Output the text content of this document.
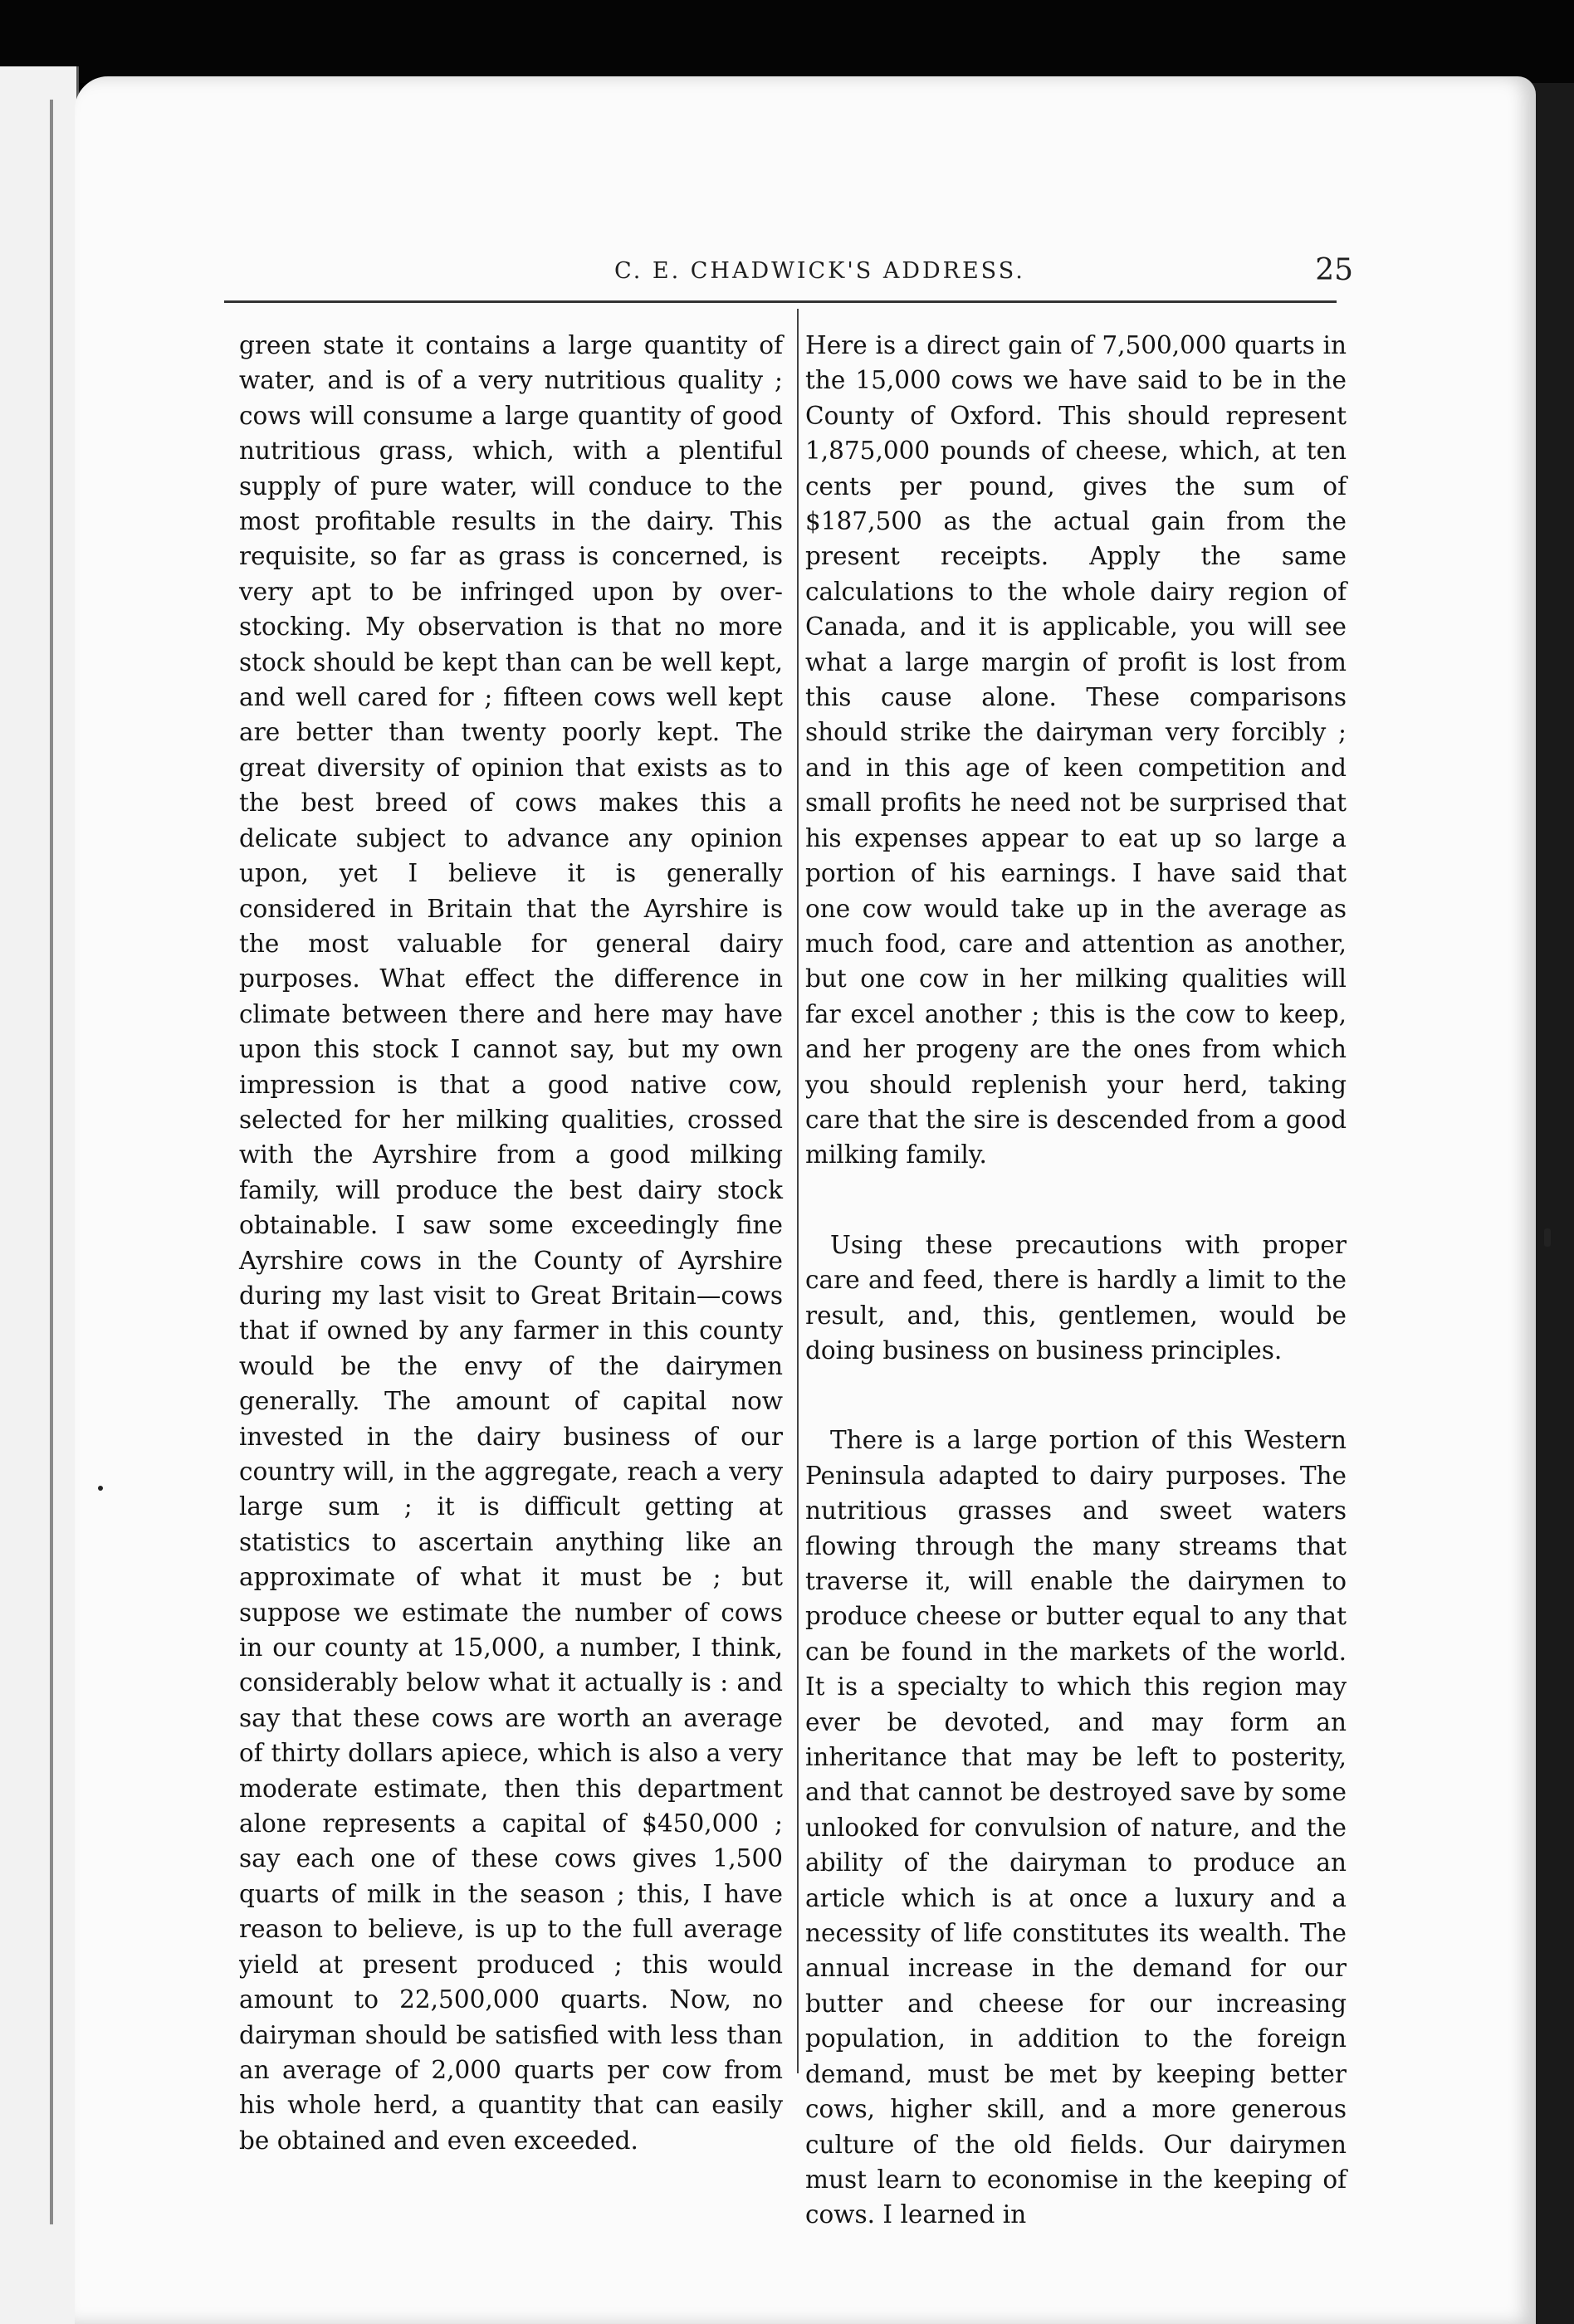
C. E. CHADWICK'S ADDRESS.	25

green state it contains a large quantity of water, and is of a very nutritious quality ; cows will consume a large quantity of good nutritious grass, which, with a plentiful supply of pure water, will conduce to the most profitable results in the dairy. This requisite, so far as grass is concerned, is very apt to be infringed upon by over-stocking. My observation is that no more stock should be kept than can be well kept, and well cared for ; fifteen cows well kept are better than twenty poorly kept. The great diversity of opinion that exists as to the best breed of cows makes this a delicate subject to advance any opinion upon, yet I believe it is generally considered in Britain that the Ayrshire is the most valuable for general dairy purposes. What effect the difference in climate between there and here may have upon this stock I cannot say, but my own impression is that a good native cow, selected for her milking qualities, crossed with the Ayrshire from a good milking family, will produce the best dairy stock obtainable. I saw some exceedingly fine Ayrshire cows in the County of Ayrshire during my last visit to Great Britain—cows that if owned by any farmer in this county would be the envy of the dairymen generally. The amount of capital now invested in the dairy business of our country will, in the aggregate, reach a very large sum ; it is difficult getting at statistics to ascertain anything like an approximate of what it must be ; but suppose we estimate the number of cows in our county at 15,000, a number, I think, considerably below what it actually is : and say that these cows are worth an average of thirty dollars apiece, which is also a very moderate estimate, then this department alone represents a capital of $450,000 ; say each one of these cows gives 1,500 quarts of milk in the season ; this, I have reason to believe, is up to the full average yield at present produced ; this would amount to 22,500,000 quarts. Now, no dairyman should be satisfied with less than an average of 2,000 quarts per cow from his whole herd, a quantity that can easily be obtained and even exceeded.

Here is a direct gain of 7,500,000 quarts in the 15,000 cows we have said to be in the County of Oxford. This should represent 1,875,000 pounds of cheese, which, at ten cents per pound, gives the sum of $187,500 as the actual gain from the present receipts. Apply the same calculations to the whole dairy region of Canada, and it is applicable, you will see what a large margin of profit is lost from this cause alone. These comparisons should strike the dairyman very forcibly ; and in this age of keen competition and small profits he need not be surprised that his expenses appear to eat up so large a portion of his earnings. I have said that one cow would take up in the average as much food, care and attention as another, but one cow in her milking qualities will far excel another ; this is the cow to keep, and her progeny are the ones from which you should replenish your herd, taking care that the sire is descended from a good milking family.

Using these precautions with proper care and feed, there is hardly a limit to the result, and, this, gentlemen, would be doing business on business principles.

There is a large portion of this Western Peninsula adapted to dairy purposes. The nutritious grasses and sweet waters flowing through the many streams that traverse it, will enable the dairymen to produce cheese or butter equal to any that can be found in the markets of the world. It is a specialty to which this region may ever be devoted, and may form an inheritance that may be left to posterity, and that cannot be destroyed save by some unlooked for convulsion of nature, and the ability of the dairyman to produce an article which is at once a luxury and a necessity of life constitutes its wealth. The annual increase in the demand for our butter and cheese for our increasing population, in addition to the foreign demand, must be met by keeping better cows, higher skill, and a more generous culture of the old fields. Our dairymen must learn to economise in the keeping of cows. I learned in
